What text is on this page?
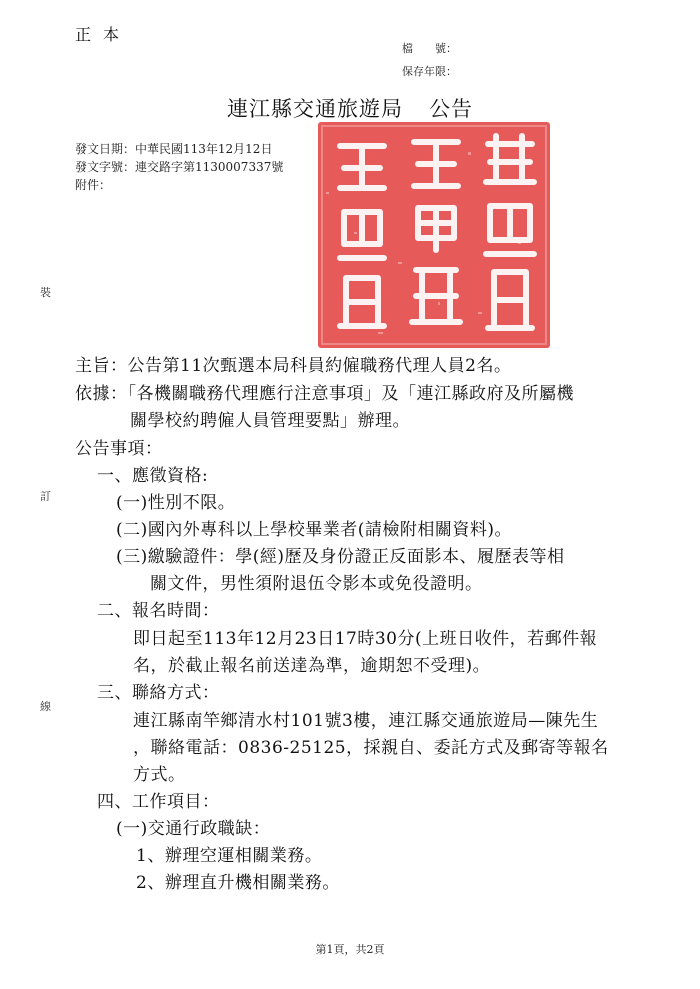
正本
檔　　號：
保存年限：
連江縣交通旅遊局 公告
發文日期：中華民國113年12月12日
發文字號：連交路字第1130007337號
附件：
裝
訂
線
主旨：公告第11次甄選本局科員約僱職務代理人員2名。
依據：「各機關職務代理應行注意事項」及「連江縣政府及所屬機
關學校約聘僱人員管理要點」辦理。
公告事項：
一、應徵資格:
(一)性別不限。
(二)國內外專科以上學校畢業者(請檢附相關資料)。
(三)繳驗證件：學(經)歷及身份證正反面影本、履歷表等相
關文件，男性須附退伍令影本或免役證明。
二、報名時間：
即日起至113年12月23日17時30分(上班日收件，若郵件報
名，於截止報名前送達為準，逾期恕不受理)。
三、聯絡方式：
連江縣南竿鄉清水村101號3樓，連江縣交通旅遊局—陳先生
，聯絡電話：0836-25125，採親自、委託方式及郵寄等報名
方式。
四、工作項目：
(一)交通行政職缺：
1、辦理空運相關業務。
2、辦理直升機相關業務。
第1頁，共2頁
